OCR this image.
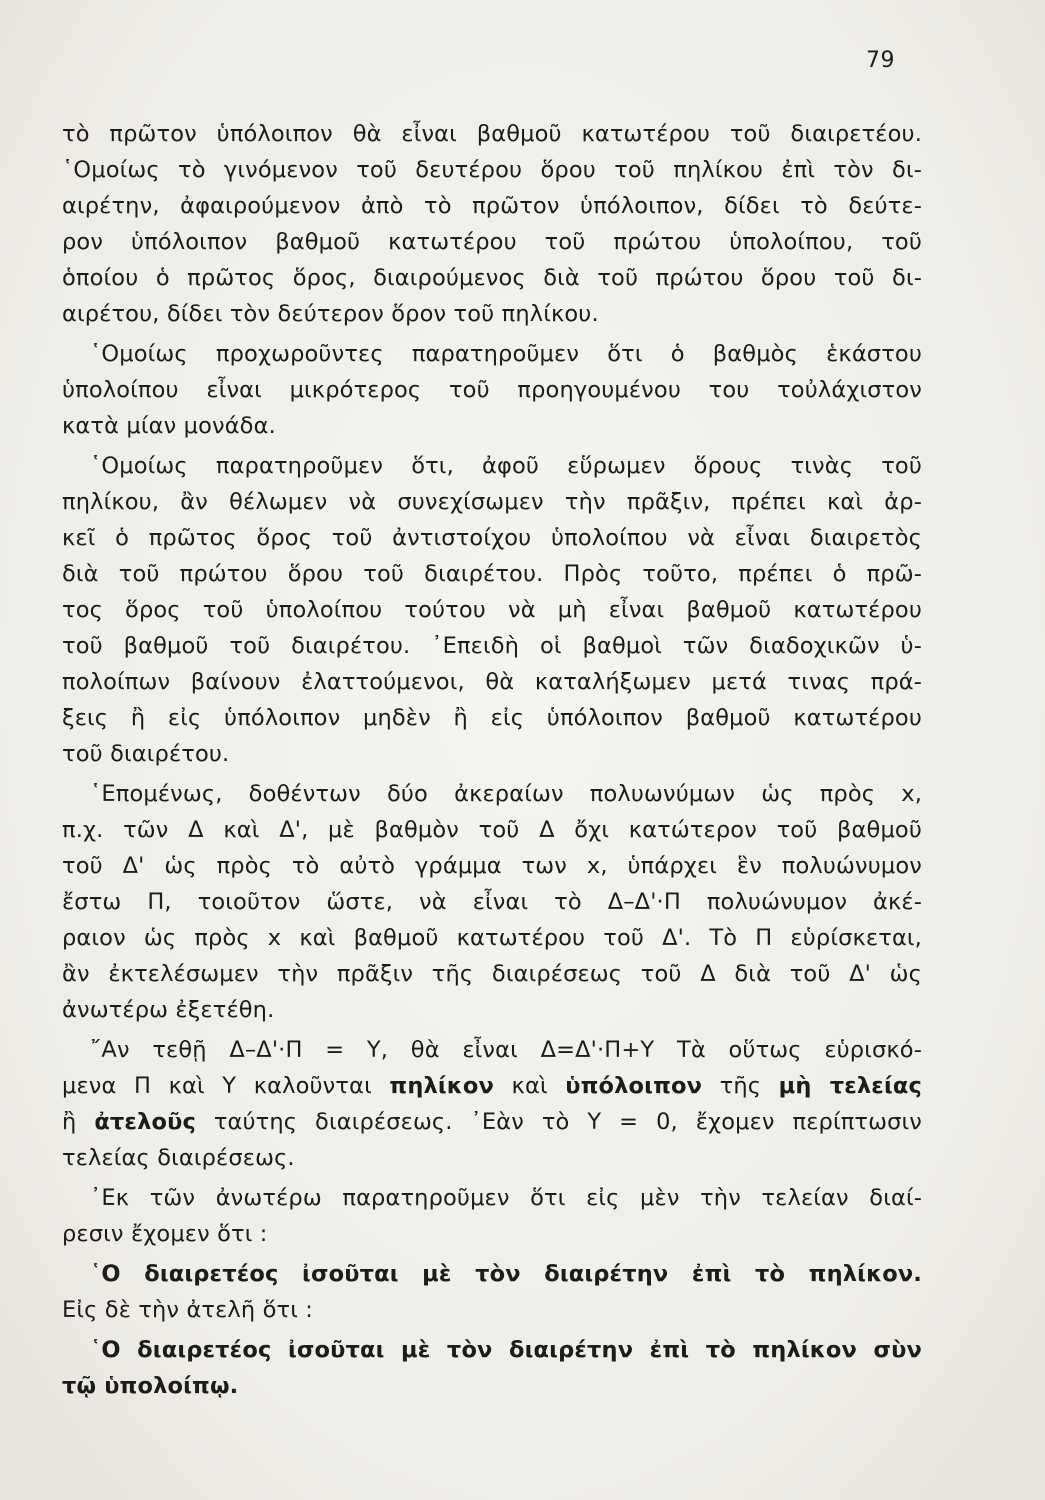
79
τὸ πρῶτον ὑπόλοιπον θὰ εἶναι βαθμοῦ κατωτέρου τοῦ διαιρετέου.
῾Ομοίως τὸ γινόμενον τοῦ δευτέρου ὅρου τοῦ πηλίκου ἐπὶ τὸν δι-
αιρέτην, ἀφαιρούμενον ἀπὸ τὸ πρῶτον ὑπόλοιπον, δίδει τὸ δεύτε-
ρον ὑπόλοιπον βαθμοῦ κατωτέρου τοῦ πρώτου ὑπολοίπου, τοῦ
ὁποίου ὁ πρῶτος ὅρος, διαιρούμενος διὰ τοῦ πρώτου ὅρου τοῦ δι-
αιρέτου, δίδει τὸν δεύτερον ὅρον τοῦ πηλίκου.
῾Ομοίως προχωροῦντες παρατηροῦμεν ὅτι ὁ βαθμὸς ἑκάστου
ὑπολοίπου εἶναι μικρότερος τοῦ προηγουμένου του τοὐλάχιστον
κατὰ μίαν μονάδα.
῾Ομοίως παρατηροῦμεν ὅτι, ἀφοῦ εὕρωμεν ὅρους τινὰς τοῦ
πηλίκου, ἂν θέλωμεν νὰ συνεχίσωμεν τὴν πρᾶξιν, πρέπει καὶ ἀρ-
κεῖ ὁ πρῶτος ὅρος τοῦ ἀντιστοίχου ὑπολοίπου νὰ εἶναι διαιρετὸς
διὰ τοῦ πρώτου ὅρου τοῦ διαιρέτου. Πρὸς τοῦτο, πρέπει ὁ πρῶ-
τος ὅρος τοῦ ὑπολοίπου τούτου νὰ μὴ εἶναι βαθμοῦ κατωτέρου
τοῦ βαθμοῦ τοῦ διαιρέτου. ᾿Επειδὴ οἱ βαθμοὶ τῶν διαδοχικῶν ὑ-
πολοίπων βαίνουν ἐλαττούμενοι, θὰ καταλήξωμεν μετά τινας πρά-
ξεις ἢ εἰς ὑπόλοιπον μηδὲν ἢ εἰς ὑπόλοιπον βαθμοῦ κατωτέρου
τοῦ διαιρέτου.
῾Επομένως, δοθέντων δύο ἀκεραίων πολυωνύμων ὡς πρὸς x,
π.χ. τῶν Δ καὶ Δ', μὲ βαθμὸν τοῦ Δ ὄχι κατώτερον τοῦ βαθμοῦ
τοῦ Δ' ὡς πρὸς τὸ αὐτὸ γράμμα των x, ὑπάρχει ἓν πολυώνυμον
ἔστω Π, τοιοῦτον ὥστε, νὰ εἶναι τὸ Δ–Δ'·Π πολυώνυμον ἀκέ-
ραιον ὡς πρὸς x καὶ βαθμοῦ κατωτέρου τοῦ Δ'. Τὸ Π εὑρίσκεται,
ἂν ἐκτελέσωμεν τὴν πρᾶξιν τῆς διαιρέσεως τοῦ Δ διὰ τοῦ Δ' ὡς
ἀνωτέρω ἐξετέθη.
῎Αν τεθῇ Δ–Δ'·Π = Υ, θὰ εἶναι Δ=Δ'·Π+Υ Τὰ οὕτως εὑρισκό-
μενα Π καὶ Υ καλοῦνται πηλίκον καὶ ὑπόλοιπον τῆς μὴ τελείας
ἢ ἀτελοῦς ταύτης διαιρέσεως. ᾿Εὰν τὸ Υ = 0, ἔχομεν περίπτωσιν
τελείας διαιρέσεως.
᾿Εκ τῶν ἀνωτέρω παρατηροῦμεν ὅτι εἰς μὲν τὴν τελείαν διαί-
ρεσιν ἔχομεν ὅτι :
῾Ο διαιρετέος ἰσοῦται μὲ τὸν διαιρέτην ἐπὶ τὸ πηλίκον.
Εἰς δὲ τὴν ἀτελῆ ὅτι :
῾Ο διαιρετέος ἰσοῦται μὲ τὸν διαιρέτην ἐπὶ τὸ πηλίκον σὺν
τῷ ὑπολοίπῳ.
